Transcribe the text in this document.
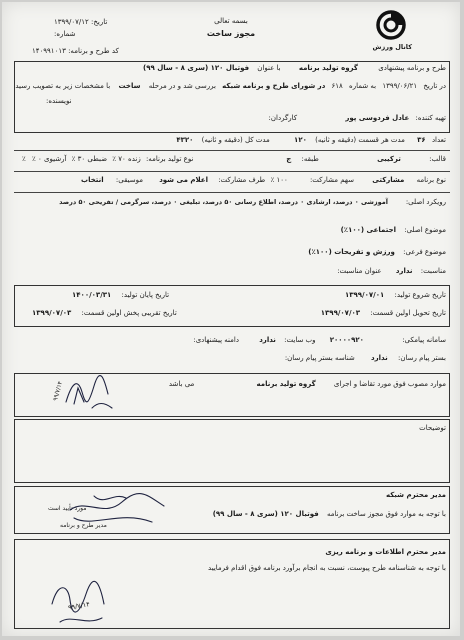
کانال ورزش
بسمه تعالی
مجوز ساخت
تاریخ: ۱۳۹۹/۰۷/۱۲
شماره:
کد طرح و برنامه: ۱۴۰۹۹۱۰۱۳
طرح و برنامه پیشنهادی گروه تولید برنامه با عنوان فوتبال ۱۲۰ (سری ۸ - سال ۹۹)
در تاریخ ۱۳۹۹/۰۶/۲۱ به شماره ۶۱۸ در شورای طرح و برنامه شبکه بررسی شد و در مرحله ساخت با مشخصات زیر به تصویب رسید
نویسنده:
تهیه کننده: عادل فردوسی پور کارگردان:
تعداد ۳۶ مدت هر قسمت (دقیقه و ثانیه) ۱۲۰ مدت کل (دقیقه و ثانیه) ۴۳۲۰
قالب: ترکیبی طبقه: ج
نوع تولید برنامه: زنده ۷۰ ٪ ضبطی ۳۰ ٪ آرشیوی ۰ ٪ ٪
نوع برنامه مشارکتی سهم مشارکت: ۱۰۰ ٪ طرف مشارکت: اعلام می شود موسیقی: انتخاب
رویکرد اصلی:
آموزشی ۰ درصد، ارشادی ۰ درصد، اطلاع رسانی ۵۰ درصد، تبلیغی ۰ درصد، سرگرمی / تفریحی ۵۰ درصد
موضوع اصلی: اجتماعی (۱۰۰٪)
موضوع فرعی: ورزش و تفریحات (۱۰۰٪)
مناسبت: ندارد عنوان مناسبت:
تاریخ شروع تولید: ۱۳۹۹/۰۷/۰۱
تاریخ پایان تولید: ۱۴۰۰/۰۳/۳۱
تاریخ تحویل اولین قسمت: ۱۳۹۹/۰۷/۰۳
تاریخ تقریبی پخش اولین قسمت: ۱۳۹۹/۰۷/۰۳
سامانه پیامکی: ۲۰۰۰۰۹۲۰ وب سایت: ندارد دامنه پیشنهادی:
بستر پیام رسان: ندارد شناسه بستر پیام رسان:
موارد مصوب فوق مورد تقاضا و اجرای گروه تولید برنامه می باشد
توضیحات
مدیر محترم شبکه
با توجه به موارد فوق مجوز ساخت برنامه فوتبال ۱۲۰ (سری ۸ - سال ۹۹)
مورد تأیید است
مدیر طرح و برنامه
مدیر محترم اطلاعات و برنامه ریزی
با توجه به شناسنامه طرح پیوست، نسبت به انجام برآورد برنامه فوق اقدام فرمایید
۹۹/۷/۱۴
۹۹/۷/۱۴
